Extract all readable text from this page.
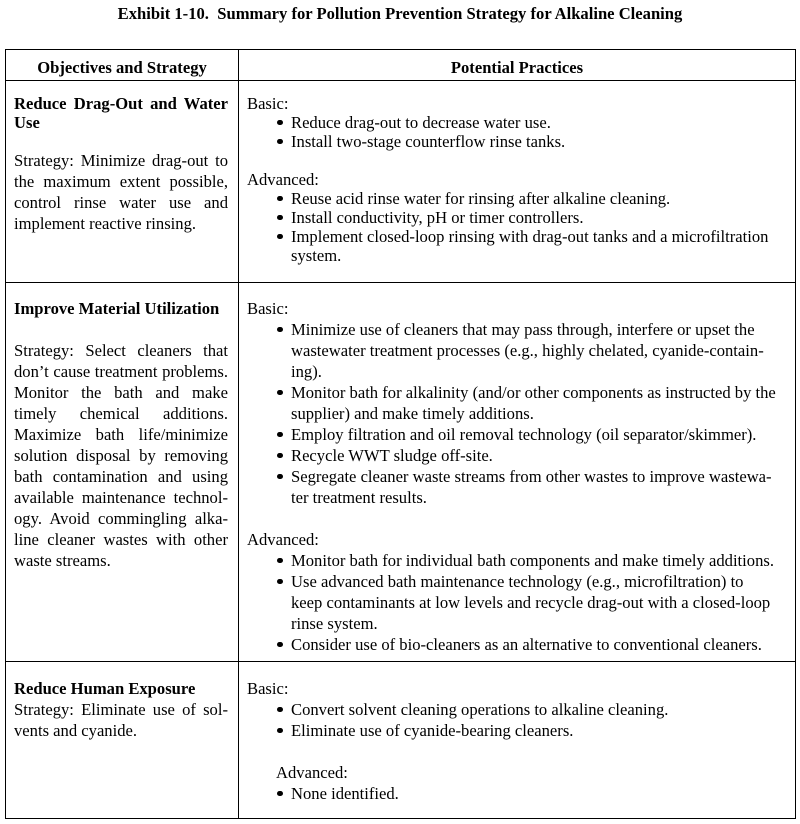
Exhibit 1-10.  Summary for Pollution Prevention Strategy for Alkaline Cleaning
Objectives and Strategy	Potential Practices
Reduce Drag-Out and Water
Use
Strategy: Minimize drag-out to
the maximum extent possible,
control rinse water use and
implement reactive rinsing.
Basic:
Reduce drag-out to decrease water use.
Install two-stage counterflow rinse tanks.
Advanced:
Reuse acid rinse water for rinsing after alkaline cleaning.
Install conductivity, pH or timer controllers.
Implement closed-loop rinsing with drag-out tanks and a microfiltration
system.
Improve Material Utilization
Strategy: Select cleaners that
don’t cause treatment problems.
Monitor the bath and make
timely chemical additions.
Maximize bath life/minimize
solution disposal by removing
bath contamination and using
available maintenance technol-
ogy. Avoid commingling alka-
line cleaner wastes with other
waste streams.
Basic:
Minimize use of cleaners that may pass through, interfere or upset the
wastewater treatment processes (e.g., highly chelated, cyanide-contain-
ing).
Monitor bath for alkalinity (and/or other components as instructed by the
supplier) and make timely additions.
Employ filtration and oil removal technology (oil separator/skimmer).
Recycle WWT sludge off-site.
Segregate cleaner waste streams from other wastes to improve wastewa-
ter treatment results.
Advanced:
Monitor bath for individual bath components and make timely additions.
Use advanced bath maintenance technology (e.g., microfiltration) to
keep contaminants at low levels and recycle drag-out with a closed-loop
rinse system.
Consider use of bio-cleaners as an alternative to conventional cleaners.
Reduce Human Exposure
Strategy: Eliminate use of sol-
vents and cyanide.
Basic:
Convert solvent cleaning operations to alkaline cleaning.
Eliminate use of cyanide-bearing cleaners.
Advanced:
None identified.
